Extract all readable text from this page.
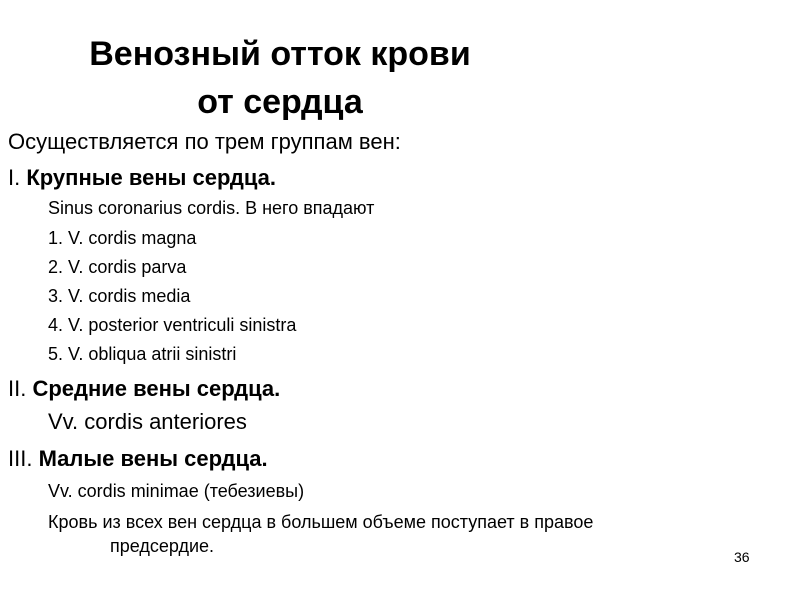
Венозный отток крови
от сердца

Осуществляется по трем группам вен:

I. Крупные вены сердца.

Sinus coronarius cordis. В него впадают

1. V. cordis magna

2. V. cordis parva

3. V. cordis media

4. V. posterior ventriculi sinistra

5. V. obliqua atrii sinistri

II. Средние вены сердца.

Vv. cordis anteriores

III. Малые вены сердца.

Vv. cordis minimae (тебезиевы)

Кровь из всех вен сердца в большем объеме поступает в правое
предсердие.

36
